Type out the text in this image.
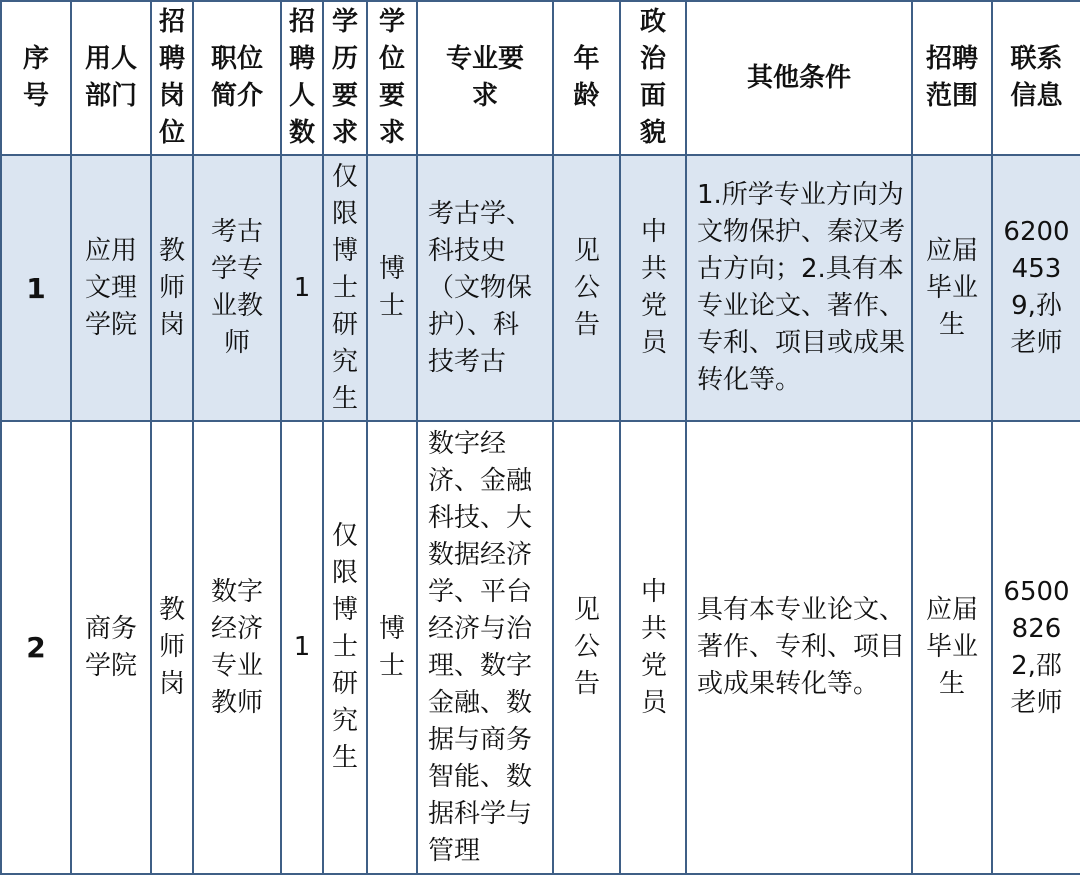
序号	用人部门	招聘岗位	职位简介	招聘人数	学历要求	学位要求	专业要求	年龄	政治面貌	其他条件	招聘范围	联系信息
1	应用文理学院	教师岗	考古学专业教师	1	仅限博士研究生	博士	考古学、科技史（文物保护）、科技考古	见公告	中共党员	1.所学专业方向为文物保护、秦汉考古方向；2.具有本专业论文、著作、专利、项目或成果转化等。	应届毕业生	62004539,孙老师
2	商务学院	教师岗	数字经济专业教师	1	仅限博士研究生	博士	数字经济、金融科技、大数据经济学、平台经济与治理、数字金融、数据与商务智能、数据科学与管理	见公告	中共党员	具有本专业论文、著作、专利、项目或成果转化等。	应届毕业生	65008262,邵老师
